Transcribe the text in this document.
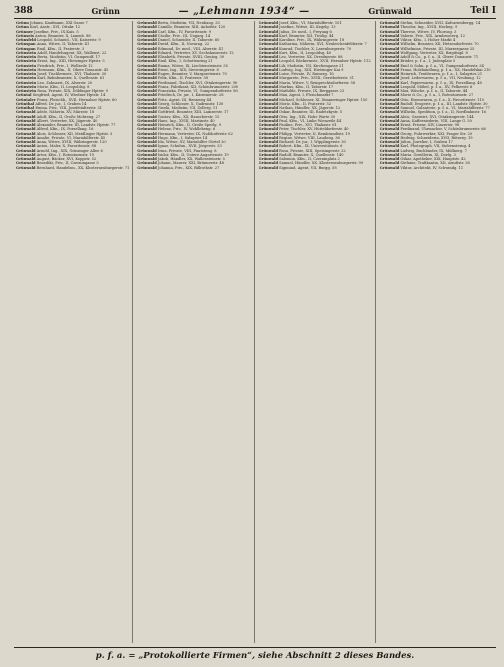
388	Grünn	— „Lehmann 1934“ —	Grünwald	Teil I
Grünn Johann, Kaufmann, XXI Gasse 7
Grünn Karl, Anstr., XVI, Ottakr. 12
Grünner Josefine, Priv., IX Kais. 5
Grünseis Anton, Beamter, X, Laxenb. 88
Grünsfeld Leopold, Schneid., VII, Kaiserstr. 9
Grünspan Anna, Witwe, II, Taborstr. 41
Grünspan Emil, Kfm., II, Praterstr. 3
Grünstein Adolf, Handelsagent, XX, Wallenst. 22
Grünstein Berta, Modistin, VI, Gumpendf. 17
Grünstein Ernst, Ing., XIII, Hietzinger Hptstr. 5
Grünstein Friedrich, Priv., I, Wollzeile 12
Grünstein Hermann, Kfm., II, Obere Donaustr. 45
Grünstein Josef, Tischlermstr., XVI, Thaliastr. 30
Grünstein Karl, Bahnbeamter, X, Quellenstr. 61
Grünstein Leo, Zahnarzt, IX, Alserstr. 20
Grünstein Moriz, Kfm., II, Leopoldsg. 8
Grünstein Rosa, Private, XIX, Döblinger Hptstr. 9
Grüntal Siegfried, Agent, IV, Wiedner Hptstr. 14
Grüntaler Franz, Fleischh., XVII, Hernalser Hptstr. 60
Grünthal Alfred, Dr. jur., I, Graben 14
Grünthal Emma, Priv., VIII, Josefstädterstr. 31
Grünwald Adele, Näherin, XV, Märzstr. 18
Grünwald Adolf, Kfm., II, Große Mohreng. 27
Grünwald Albert, Vertreter, XX, Jägerstr. 40
Grünwald Alexander, Beamter, III, Landstr. Hptstr. 77
Grünwald Alfred, Kfm., IX, Porzellang. 16
Grünwald Alois, Schlosser, XII, Meidlinger Hptstr. 3
Grünwald Amalie, Private, VI, Mariahilferstr. 45
Grünwald Anna, Witwe, XVIII, Währingerstr. 120
Grünwald Anton, Maler, X, Favoritenstr. 88
Grünwald Arnold, Ing., XIX, Grinzinger Allee 6
Grünwald Artur, Kfm., I, Rotenturmstr. 19
Grünwald August, Bäcker, XVI, Koppstr. 52
Grünwald Benedikt, Priv., II, Czerningasse 5
Grünwald Bernhard, Handelsm., XX, Klosterneuburgerstr. 71
Grünwald Berta, Modistin, VII, Neubaug. 33
Grünwald Camillo, Beamter, XIII, Auhofstr. 120
Grünwald Carl, Kfm., IV, Favoritenstr. 9
Grünwald Cäcilie, Priv., III, Ungarg. 14
Grünwald Daniel, Schneider, II, Taborstr. 60
Grünwald David, Kfm., II, Novarag. 22
Grünwald Edmund, Dr. med., VIII, Alserstr. 41
Grünwald Eduard, Vertreter, XV, Sechshauserstr. 12
Grünwald Elisabeth, Private, XVIII, Gentzg. 30
Grünwald Emil, Kfm., I, Schottenring 21
Grünwald Emma, Witwe, IX, Liechtensteinstr. 55
Grünwald Ernst, Ing., XIX, Sieveringerstr. 8
Grünwald Eugen, Beamter, V, Margaretenstr. 70
Grünwald Felix, Kfm., II, Praterstr. 38
Grünwald Ferdinand, Tischler, XVI, Ottakringerstr. 90
Grünwald Franz, Fabrikant, XII, Schönbrunnerstr. 200
Grünwald Franziska, Private, VI, Gumpendorferstr. 80
Grünwald Friedrich, Dr. jur., I, Kärntnerstr. 28
Grünwald Fritz, Agent, III, Rennweg 44
Grünwald Georg, Schlosser, X, Gudrunstr. 130
Grünwald Gisela, Modistin, VII, Zollerg. 11
Grünwald Gottfried, Beamter, XIII, Lainzerstr. 17
Grünwald Gustav, Kfm., XX, Rauscherstr. 15
Grünwald Hans, Ing., XVIII, Martinstr. 40
Grünwald Heinrich, Kfm., II, Große Sperlg. 9
Grünwald Helene, Priv., IV, Wohllebeng. 6
Grünwald Hermann, Vertreter, IX, Nußdorferstr. 62
Grünwald Hugo, Kfm., I, Salzgries 14
Grünwald Ida, Witwe, XV, Mariahilfer Gürtel 20
Grünwald Ignaz, Schuhm., XVII, Jörgerstr. 33
Grünwald Irma, Private, VIII, Piaristeng. 8
Grünwald Isidor, Kfm., II, Untere Augartenstr. 19
Grünwald Jakob, Händler, XX, Wallensteinstr. 5
Grünwald Johann, Maurer, XXI, Brünnerstr. 48
Grünwald Johanna, Priv., XIX, Billrothstr. 27
Grünwald Josef, Kfm., VI, Mariahilferstr. 101
Grünwald Josefine, Witwe, III, Kegelg. 13
Grünwald Julius, Dr. med., I, Freyung 6
Grünwald Karl, Beamter, XII, Tivolig. 44
Grünwald Karoline, Priv., IX, Währingerstr. 18
Grünwald Katharina, Näherin, XVI, Neulerchenfelderstr. 7
Grünwald Konrad, Tischler, X, Laxenburgerstr. 70
Grünwald Kurt, Kfm., II, Leopoldsg. 40
Grünwald Leo, Vertreter, XX, Dresdnerstr. 88
Grünwald Leopold, Bäckermstr., XVII, Hernalser Hptstr. 112
Grünwald Lili, Modistin, VII, Kirchengasse 21
Grünwald Ludwig, Ing., XIII, Hietzinger Kai 9
Grünwald Luise, Private, IV, Rainerg. 16
Grünwald Margarete, Priv., XVIII, Gersthoferstr. 31
Grünwald Maria, Witwe, V, Reinprechtsdorferstr. 58
Grünwald Markus, Kfm., II, Taborstr. 17
Grünwald Mathilde, Private, IX, Berggasse 23
Grünwald Max, Agent, I, Fleischmarkt 7
Grünwald Michael, Schlosser, XI, Simmeringer Hptstr. 150
Grünwald Moriz, Kfm., II, Praterstr. 52
Grünwald Nathan, Händler, XX, Jägerstr. 12
Grünwald Oskar, Beamter, III, Radetzkystr. 5
Grünwald Otto, Ing., XIX, Hohe Warte 30
Grünwald Paul, Kfm., VI, Linke Wienzeile 44
Grünwald Pauline, Priv., XVI, Thaliastr. 61
Grünwald Peter, Tischler, XV, Hütteldorferstr. 40
Grünwald Philipp, Vertreter, II, Rembrandtstr. 19
Grünwald Regine, Witwe, VIII, Laudong. 36
Grünwald Richard, Dr. jur., I, Wipplingerstr. 30
Grünwald Robert, Kfm., IX, Universitätsstr. 6
Grünwald Rosa, Private, XIII, Speisingerstr. 22
Grünwald Rudolf, Beamter, X, Quellenstr. 140
Grünwald Salomon, Kfm., II, Czerninplatz 2
Grünwald Samuel, Händler, XX, Klosterneuburgerstr. 99
Grünwald Sigmund, Agent, VII, Burgg. 58
Grünwald Stefan, Schneider, XVII, Kalvarienbergg. 14
Grünwald Theodor, Ing., XVIII, Hockeg. 9
Grünwald Therese, Witwe, IV, Phorusg. 3
Grünwald Valerie, Priv., XIX, Armbrusterg. 12
Grünwald Viktor, Kfm., I, Hoher Markt 4
Grünwald Wilhelm, Beamter, XII, Hetzendorferstr. 70
Grünwald Wilhelmine, Private, III, Marxergasse 25
Grünwald Wolfgang, Vertreter, XX, Brigittapl. 8
Grünwald Adolf & Co., p. f. a., II, Obere Donaustr. 71
Grünwald Brüder, p. f. a., I, Judenplatz 5
Grünwald Emil & Sohn, p. f. a., VI, Gumpendorferstr. 34
Grünwald Franz, Holzhandlung, p. f. a., XX, Handelskai 210
Grünwald Heinrich, Textilwaren, p. f. a., I, Salzgries 21
Grünwald Josef, Lederwaren, p. f. a., VII, Neubaug. 12
Grünwald Karl, Papierwaren, p. f. a., IX, Porzellang. 48
Grünwald Leopold, Möbel, p. f. a., XV, Felberstr. 6
Grünwald Max, Wäsche, p. f. a., II, Taborstr. 44
Grünwald Moriz & Co., p. f. a., I, Rotenturmstr. 27
Grünwald Otto, Eisenwaren, p. f. a., X, Favoritenstr. 110
Grünwald Rudolf, Drogerie, p. f. a., III, Landstr. Hptstr. 30
Grünwald Samuel, Galanterie, p. f. a., VI, Mariahilferstr. 77
Grünwald Wilhelm, Spedition, p. f. a., II, Nordbahnstr. 16
Grünwald Alois, Gastwirt, XVI, Ottakringerstr. 144
Grünwald Anna, Kaffeesiederin, VIII, Lange G. 50
Grünwald Ernst, Friseur, XIV, Linzerstr. 98
Grünwald Ferdinand, Uhrmacher, V, Schönbrunnerstr. 66
Grünwald Georg, Fuhrwerker, XXI, Prager Str. 20
Grünwald Hedwig, Schneiderin, XVII, Rötzerg. 19
Grünwald Julius, Juwelier, I, Graben 17
Grünwald Karl, Photograph, VII, Siebensterng. 4
Grünwald Ludwig, Buchbinder, IX, Müllnerg. 7
Grünwald Maria, Greißlerin, XI, Dorfg. 3
Grünwald Oskar, Apotheker, XIX, Hauptstr. 42
Grünwald Stefanie, Trafikantin, XII, Arndtstr. 28
Grünwald Viktor, Architekt, IV, Schwindg. 11
p. f. a. = „Protokollierte Firmen“, siehe Abschnitt 2 dieses Bandes.
